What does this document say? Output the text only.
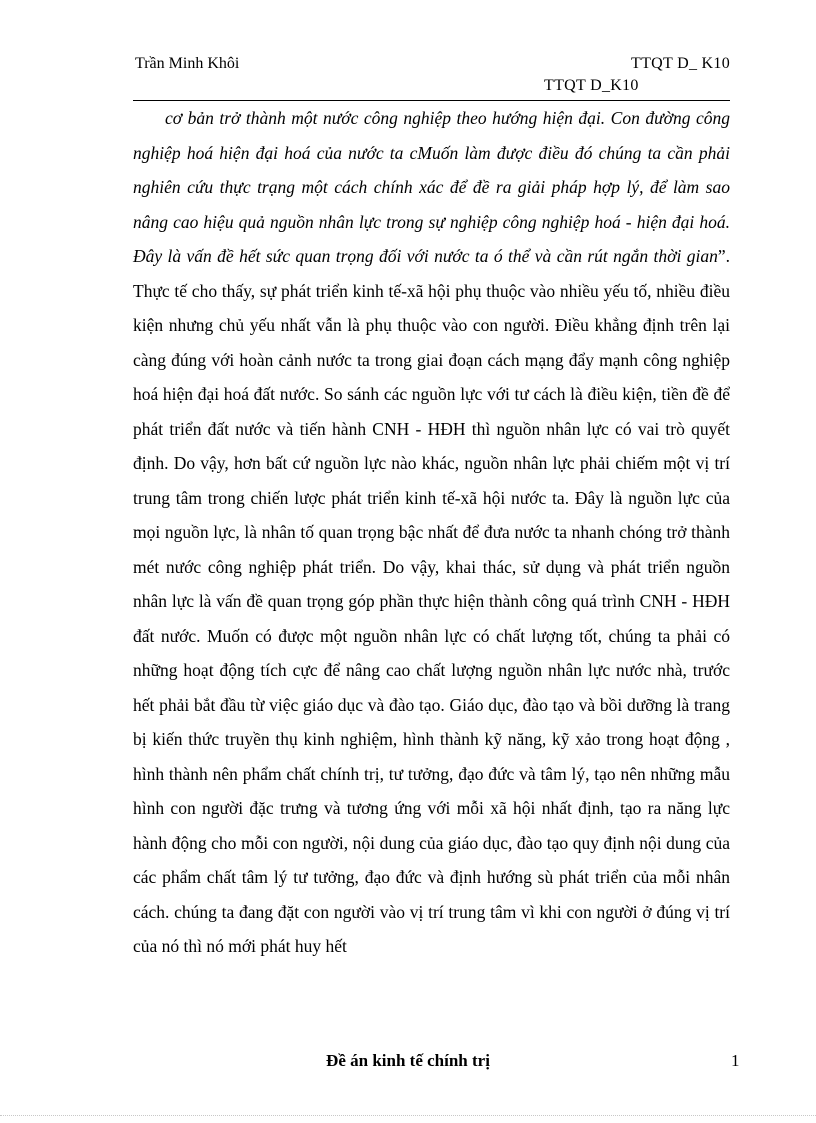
Trần Minh Khôi	TTQT D_ K10
TTQT D_K10

cơ bản trở thành một nước công nghiệp theo hướng hiện đại. Con đường công nghiệp hoá hiện đại hoá của nước ta cMuốn làm được điều đó chúng ta cần phải nghiên cứu thực trạng một cách chính xác để đề ra giải pháp hợp lý, để làm sao nâng cao hiệu quả nguồn nhân lực trong sự nghiệp công nghiệp hoá - hiện đại hoá. Đây là vấn đề hết sức quan trọng đối với nước ta ó thể và cần rút ngắn thời gian”. Thực tế cho thấy, sự phát triển kinh tế-xã hội phụ thuộc vào nhiều yếu tố, nhiều điều kiện nhưng chủ yếu nhất vẫn là phụ thuộc vào con người. Điều khẳng định trên lại càng đúng với hoàn cảnh nước ta trong giai đoạn cách mạng đẩy mạnh công nghiệp hoá hiện đại hoá đất nước. So sánh các nguồn lực với tư cách là điều kiện, tiền đề để phát triển đất nước và tiến hành CNH - HĐH thì nguồn nhân lực có vai trò quyết định. Do vậy, hơn bất cứ nguồn lực nào khác, nguồn nhân lực phải chiếm một vị trí trung tâm trong chiến lược phát triển kinh tế-xã hội nước ta. Đây là nguồn lực của mọi nguồn lực, là nhân tố quan trọng bậc nhất để đưa nước ta nhanh chóng trở thành mét nước công nghiệp phát triển. Do vậy, khai thác, sử dụng và phát triển nguồn nhân lực là vấn đề quan trọng góp phần thực hiện thành công quá trình CNH - HĐH đất nước. Muốn có được một nguồn nhân lực có chất lượng tốt, chúng ta phải có những hoạt động tích cực để nâng cao chất lượng nguồn nhân lực nước nhà, trước hết phải bắt đầu từ việc giáo dục và đào tạo. Giáo dục, đào tạo và bồi dưỡng là trang bị kiến thức truyền thụ kinh nghiệm, hình thành kỹ năng, kỹ xảo trong hoạt động , hình thành nên phẩm chất chính trị, tư tưởng, đạo đức và tâm lý, tạo nên những mẫu hình con người đặc trưng và tương ứng với mỗi xã hội nhất định, tạo ra năng lực hành động cho mỗi con người, nội dung của giáo dục, đào tạo quy định nội dung của các phẩm chất tâm lý tư tưởng, đạo đức và định hướng sù phát triển của mỗi nhân cách. chúng ta đang đặt con người vào vị trí trung tâm vì khi con người ở đúng vị trí của nó thì nó mới phát huy hết

Đề án kinh tế chính trị	1
